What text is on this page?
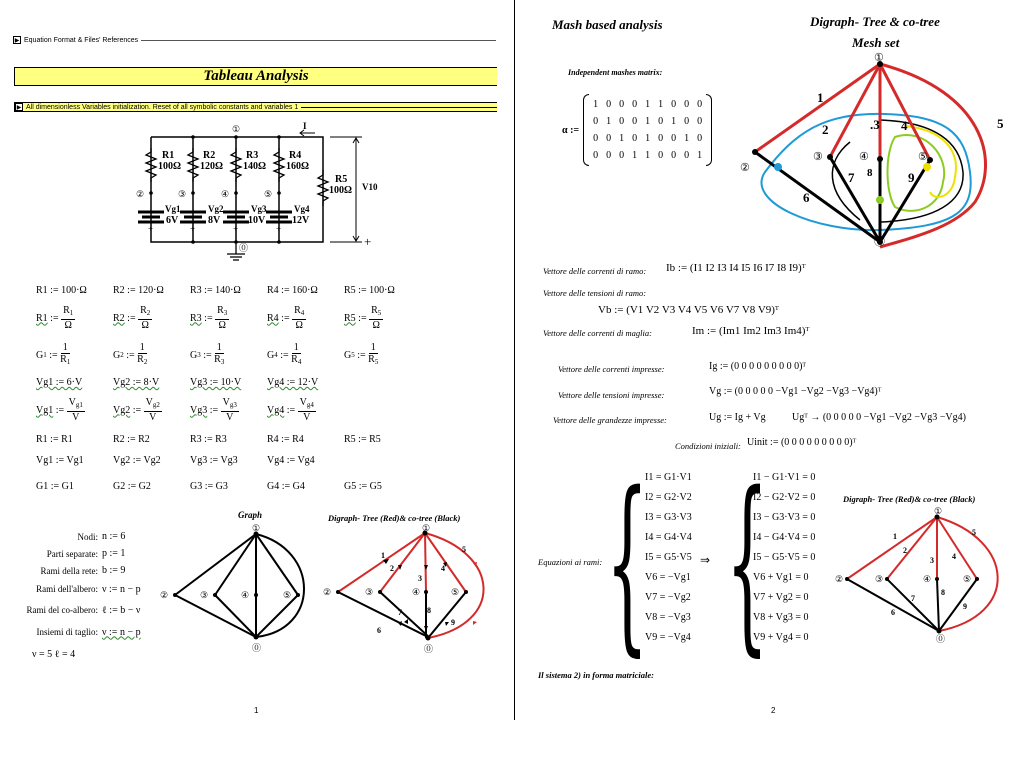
▶ Equation Format & Files' References
Tableau Analysis
▶ All dimensionless Variables initialization. Reset of all symbolic constants and variables 1
R1
100Ω
R2
120Ω
R3
140Ω
R4
160Ω
R5
100Ω
Vg1
6V
Vg2
8V
Vg3
10V
Vg4
12V
V10
①
②	③	④	⑤
⓪
I
+
+	+	+	+
R1 := 100·Ω	R2 := 120·Ω	R3 := 140·Ω	R4 := 160·Ω	R5 := 100·Ω
R1 := $\frac{R_1}{\Omega}$	R2 := $\frac{R_2}{\Omega}$	R3 := $\frac{R_3}{\Omega}$	R4 := $\frac{R_4}{\Omega}$	R5 := $\frac{R_5}{\Omega}$
G 1 := $\frac{1}{R_1}$	G 2 := $\frac{1}{R_2}$	G 3 := $\frac{1}{R_3}$	G 4 := $\frac{1}{R_4}$	G 5 := $\frac{1}{R_5}$
Vg1 := 6·V	Vg2 := 8·V	Vg3 := 10·V	Vg4 := 12·V
Vg1 := $\frac{V_{g1}}{V}$	Vg2 := $\frac{V_{g2}}{V}$	Vg3 := $\frac{V_{g3}}{V}$	Vg4 := $\frac{V_{g4}}{V}$
R1 := R1	R2 := R2	R3 := R3	R4 := R4	R5 := R5
Vg1 := Vg1	Vg2 := Vg2	Vg3 := Vg3	Vg4 := Vg4
G1 := G1	G2 := G2	G3 := G3	G4 := G4	G5 := G5
Nodi: n := 6
Parti separate: p := 1
Rami della rete: b := 9
Rami dell'albero: ν := n − p
Rami del co-albero: ℓ := b − ν
Insiemi di taglio: ν := n − p
ν = 5 ℓ = 4
Graph
①
②	③	④	⑤
⓪
Digraph- Tree (Red)& co-tree (Black)
①
②	③	④	⑤
⓪
1
2
3
4
5
6
7	8
9
1
Mash based analysis	Digraph- Tree & co-tree
Mesh set
Independent mashes matrix:
α :=
1	0	0	0	1	1	0	0	0
0	1	0	0	1	0	1	0	0
0	0	1	0	1	0	0	1	0
0	0	0	1	1	0	0	0	1
①
②
③	④	⑤
⓪
1
2	.3 4	5
6
7 8	9
Vettore delle correnti di ramo: Ib := (I1 I2 I3 I4 I5 I6 I7 I8 I9)ᵀ
Vettore delle tensioni di ramo:
Vb := (V1 V2 V3 V4 V5 V6 V7 V8 V9)ᵀ
Vettore delle correnti di maglia:	Im := (Im1 Im2 Im3 Im4)ᵀ
Vettore delle correnti impresse:	Ig := (0 0 0 0 0 0 0 0 0)ᵀ
Vettore delle tensioni impresse:	Vg := (0 0 0 0 0 −Vg1 −Vg2 −Vg3 −Vg4)ᵀ
Vettore delle grandezze impresse:	Ug := Ig + Vg	Ugᵀ → (0 0 0 0 0 −Vg1 −Vg2 −Vg3 −Vg4)
Condizioni iniziali: Uinit := (0 0 0 0 0 0 0 0 0)ᵀ
Equazioni ai rami: {
I1 = G1·V1
I2 = G2·V2
I3 = G3·V3
I4 = G4·V4
I5 = G5·V5
V6 = −Vg1
V7 = −Vg2
V8 = −Vg3
V9 = −Vg4
⇒ {
I1 − G1·V1 = 0
I2 − G2·V2 = 0
I3 − G3·V3 = 0
I4 − G4·V4 = 0
I5 − G5·V5 = 0
V6 + Vg1 = 0
V7 + Vg2 = 0
V8 + Vg3 = 0
V9 + Vg4 = 0
Digraph- Tree (Red)& co-tree (Black)
①
②	③	④	⑤
⓪
1
2
3 4
5
6
7
8
9
Il sistema 2) in forma matriciale:
2
